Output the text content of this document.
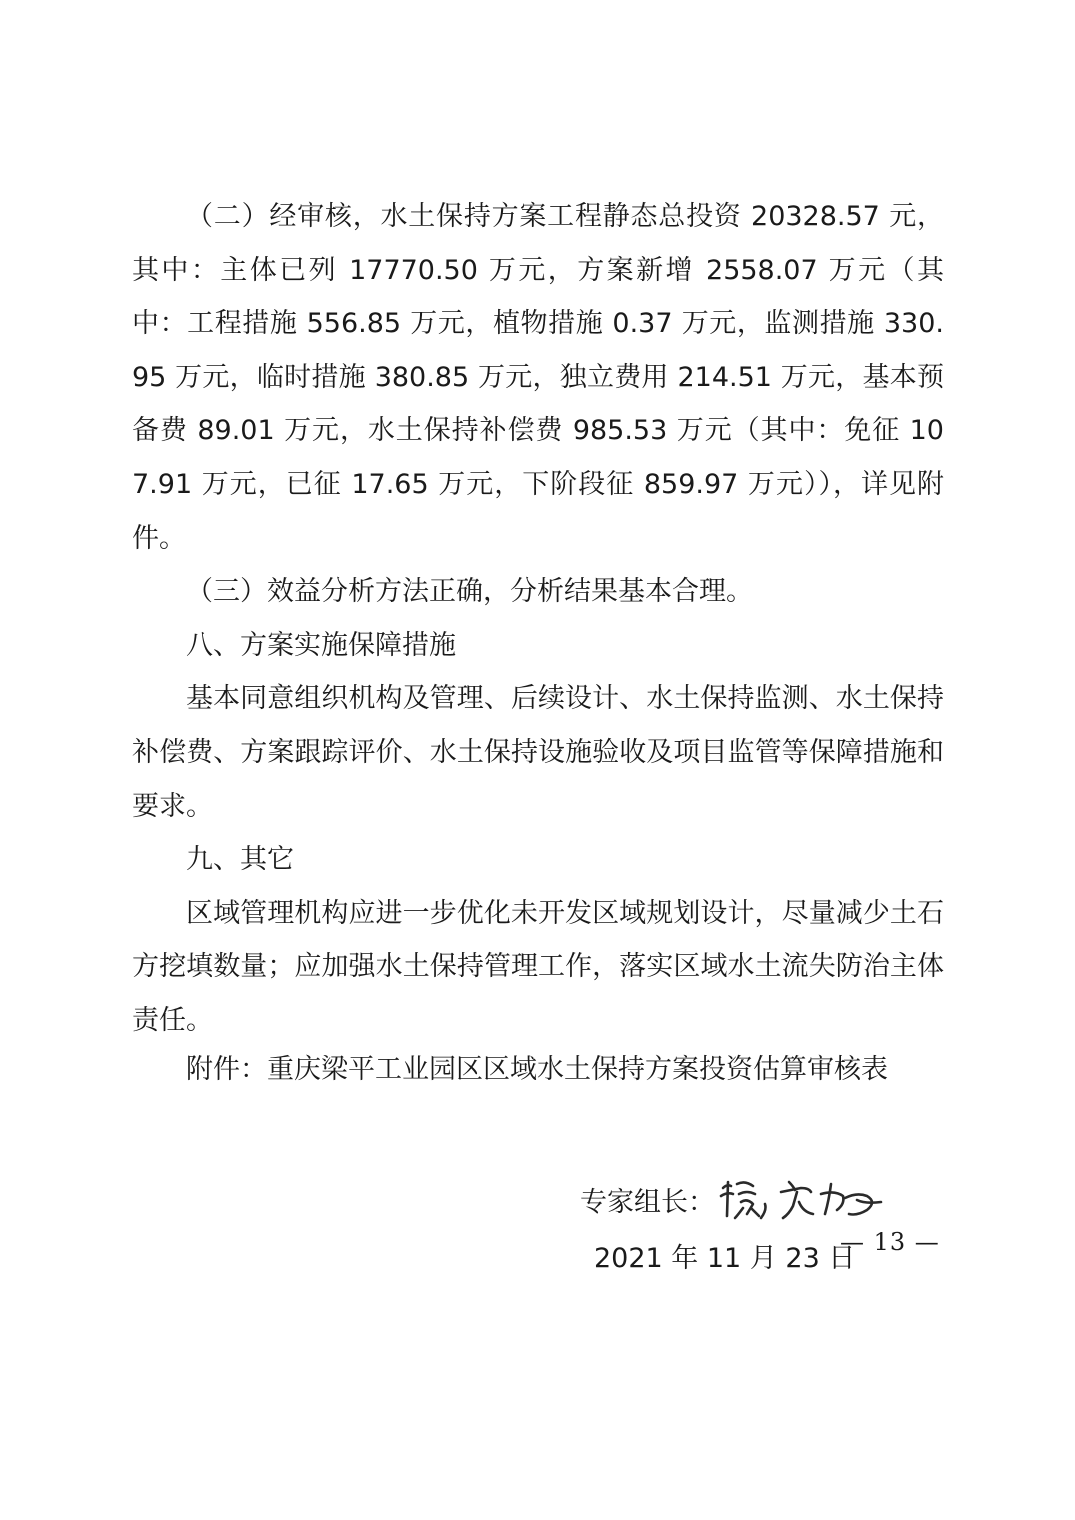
（二）经审核，水土保持方案工程静态总投资 20328.57 元，其中：主体已列 17770.50 万元，方案新增 2558.07 万元（其中：工程措施 556.85 万元，植物措施 0.37 万元，监测措施 330.95 万元，临时措施 380.85 万元，独立费用 214.51 万元，基本预备费 89.01 万元，水土保持补偿费 985.53 万元（其中：免征 107.91 万元，已征 17.65 万元，下阶段征 859.97 万元）），详见附件。

（三）效益分析方法正确，分析结果基本合理。

八、方案实施保障措施

基本同意组织机构及管理、后续设计、水土保持监测、水土保持补偿费、方案跟踪评价、水土保持设施验收及项目监管等保障措施和要求。

九、其它

区域管理机构应进一步优化未开发区域规划设计，尽量减少土石方挖填数量；应加强水土保持管理工作，落实区域水土流失防治主体责任。

附件：重庆梁平工业园区区域水土保持方案投资估算审核表

专家组长：
2021 年 11 月 23 日
— 13 —
